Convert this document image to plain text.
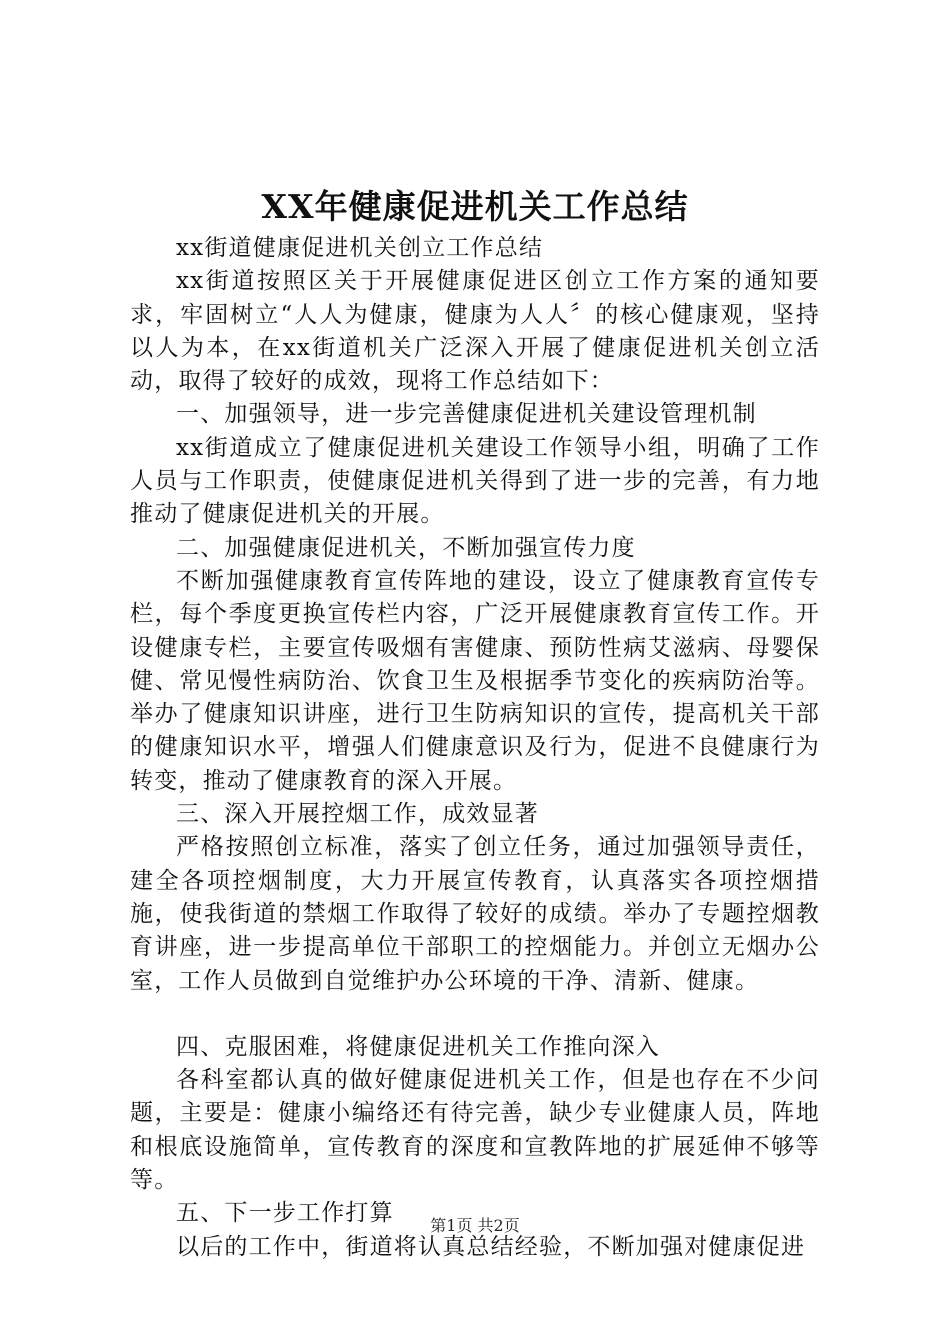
XX年健康促进机关工作总结

xx街道健康促进机关创立工作总结

xx街道按照区关于开展健康促进区创立工作方案的通知要求，牢固树立“人人为健康，健康为人人〞的核心健康观，坚持以人为本，在xx街道机关广泛深入开展了健康促进机关创立活动，取得了较好的成效，现将工作总结如下：

一、加强领导，进一步完善健康促进机关建设管理机制

xx街道成立了健康促进机关建设工作领导小组，明确了工作人员与工作职责，使健康促进机关得到了进一步的完善，有力地推动了健康促进机关的开展。

二、加强健康促进机关，不断加强宣传力度

不断加强健康教育宣传阵地的建设，设立了健康教育宣传专栏，每个季度更换宣传栏内容，广泛开展健康教育宣传工作。开设健康专栏，主要宣传吸烟有害健康、预防性病艾滋病、母婴保健、常见慢性病防治、饮食卫生及根据季节变化的疾病防治等。举办了健康知识讲座，进行卫生防病知识的宣传，提高机关干部的健康知识水平，增强人们健康意识及行为，促进不良健康行为转变，推动了健康教育的深入开展。

三、深入开展控烟工作，成效显著

严格按照创立标准，落实了创立任务，通过加强领导责任，建全各项控烟制度，大力开展宣传教育，认真落实各项控烟措施，使我街道的禁烟工作取得了较好的成绩。举办了专题控烟教育讲座，进一步提高单位干部职工的控烟能力。并创立无烟办公室，工作人员做到自觉维护办公环境的干净、清新、健康。

四、克服困难，将健康促进机关工作推向深入

各科室都认真的做好健康促进机关工作，但是也存在不少问题，主要是：健康小编络还有待完善，缺少专业健康人员，阵地和根底设施简单，宣传教育的深度和宣教阵地的扩展延伸不够等等。

五、下一步工作打算

以后的工作中，街道将认真总结经验，不断加强对健康促进

第1页 共2页
